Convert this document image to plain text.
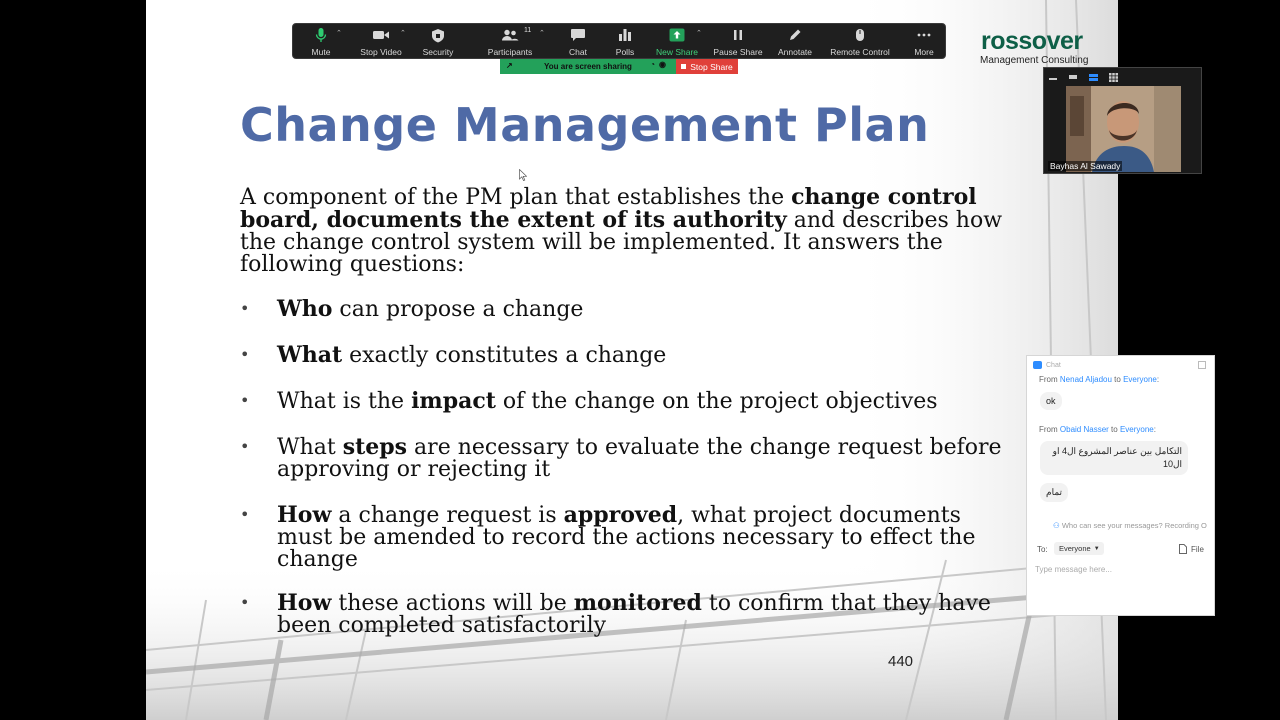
Change Management Plan
A component of the PM plan that establishes the change control board, documents the extent of its authority and describes how the change control system will be implemented. It answers the following questions:
• Who can propose a change
• What exactly constitutes a change
• What is the impact of the change on the project objectives
• What steps are necessary to evaluate the change request before approving or rejecting it
• How a change request is approved, what project documents must be amended to record the actions necessary to effect the change
• How these actions will be monitored to confirm that they have been completed satisfactorily
440
Mute
⌃
Stop Video
⌃
Security	Participants
11 ⌃
Chat	Polls	New Share
⌃
Pause Share Annotate Remote Control	More
↗	You are screen sharing ◔◉ Stop Share
rossover
Management Consulting
Bayhas Al Sawady
Chat
From Nenad Aljadou to Everyone:
ok
From Obaid Nasser to Everyone:
التكامل بين عناصر المشروع ال4 او ال10
تمام
⚇ Who can see your messages? Recording O
To: Everyone ▼	File
Type message here...
